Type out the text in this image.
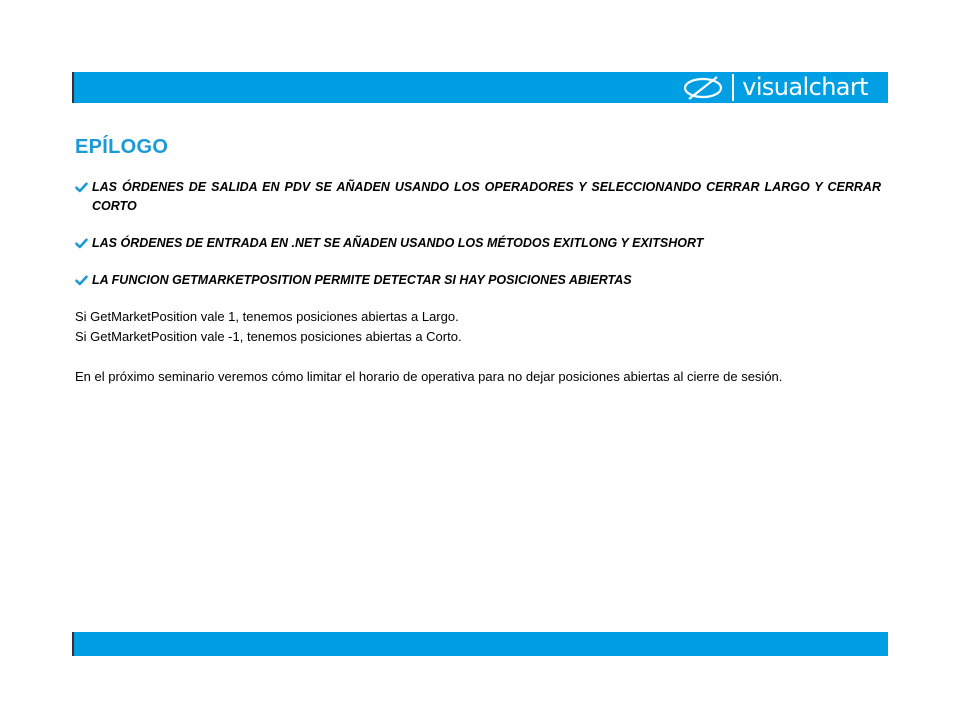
visualchart
EPÍLOGO
LAS ÓRDENES DE SALIDA EN PDV SE AÑADEN USANDO LOS OPERADORES Y SELECCIONANDO CERRAR LARGO Y CERRAR CORTO
LAS ÓRDENES DE ENTRADA EN .NET SE AÑADEN USANDO LOS MÉTODOS EXITLONG Y EXITSHORT
LA FUNCION GETMARKETPOSITION PERMITE DETECTAR SI HAY POSICIONES ABIERTAS

Si GetMarketPosition vale 1, tenemos posiciones abiertas a Largo.

Si GetMarketPosition vale -1, tenemos posiciones abiertas a Corto.

En el próximo seminario veremos cómo limitar el horario de operativa para no dejar posiciones abiertas al cierre de sesión.
